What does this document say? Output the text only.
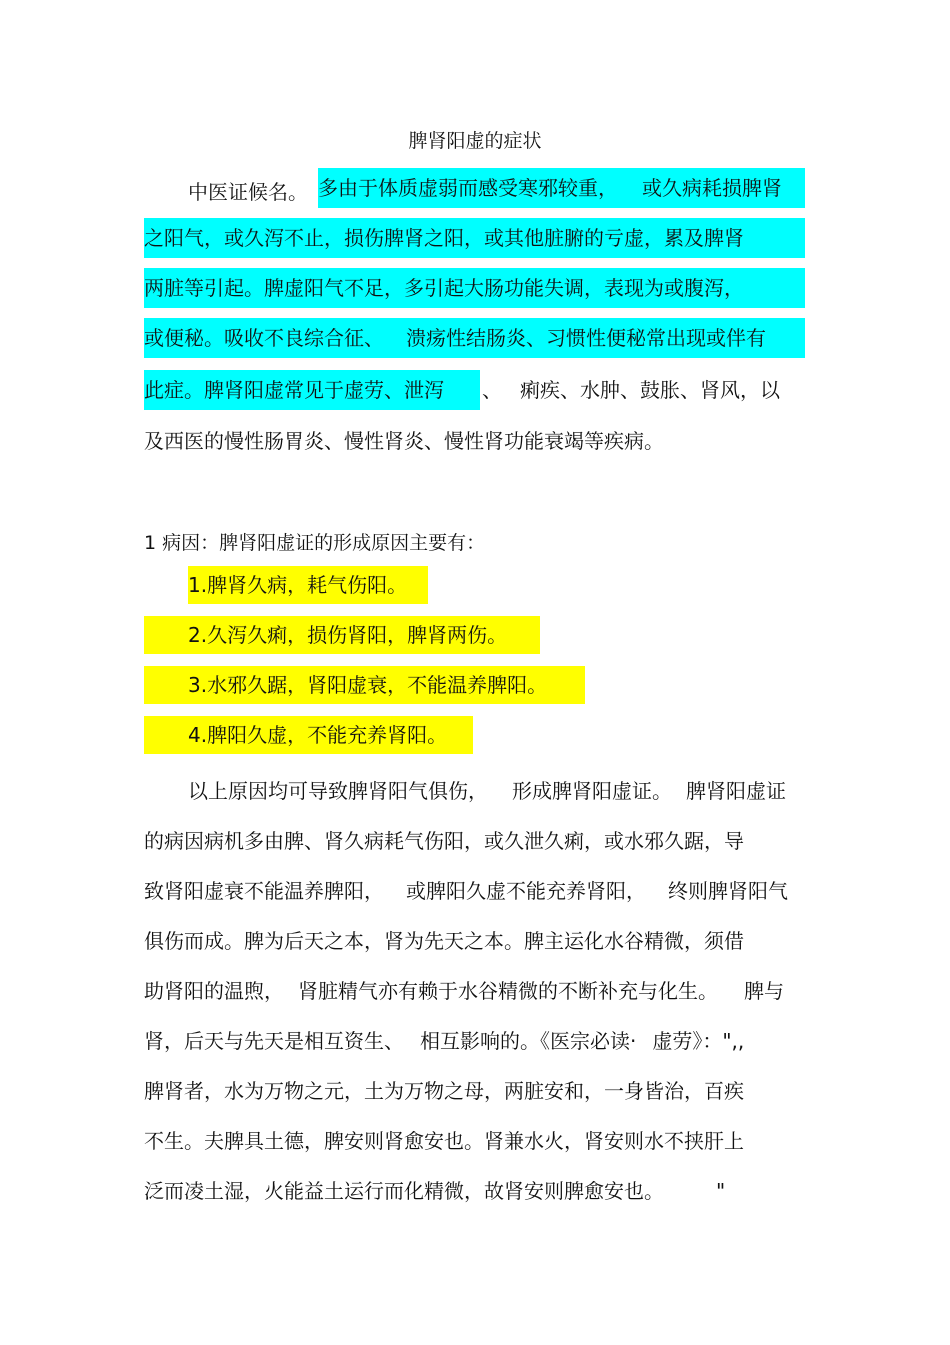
脾肾阳虚的症状
中医证候名。 多由于体质虚弱而感受寒邪较重， 或久病耗损脾肾
之阳气，或久泻不止，损伤脾肾之阳，或其他脏腑的亏虚，累及脾肾
两脏等引起。脾虚阳气不足，多引起大肠功能失调，表现为或腹泻，
或便秘。吸收不良综合征、 溃疡性结肠炎、习惯性便秘常出现或伴有
此症。脾肾阳虚常见于虚劳、泄泻	、 痢疾、水肿、鼓胀、肾风，以
及西医的慢性肠胃炎、慢性肾炎、慢性肾功能衰竭等疾病。
1 病因：脾肾阳虚证的形成原因主要有：
1.脾肾久病，耗气伤阳。
2.久泻久痢，损伤肾阳，脾肾两伤。
3.水邪久踞，肾阳虚衰，不能温养脾阳。
4.脾阳久虚，不能充养肾阳。
以上原因均可导致脾肾阳气俱伤， 形成脾肾阳虚证。 脾肾阳虚证
的病因病机多由脾、肾久病耗气伤阳，或久泄久痢，或水邪久踞，导
致肾阳虚衰不能温养脾阳， 或脾阳久虚不能充养肾阳， 终则脾肾阳气
俱伤而成。脾为后天之本，肾为先天之本。脾主运化水谷精微，须借
助肾阳的温煦， 肾脏精气亦有赖于水谷精微的不断补充与化生。 脾与
肾，后天与先天是相互资生、 相互影响的。《医宗必读· 虚劳》：",,
脾肾者，水为万物之元，土为万物之母，两脏安和，一身皆治，百疾
不生。夫脾具土德，脾安则肾愈安也。肾兼水火，肾安则水不挟肝上
泛而凌土湿，火能益土运行而化精微，故肾安则脾愈安也。	"
